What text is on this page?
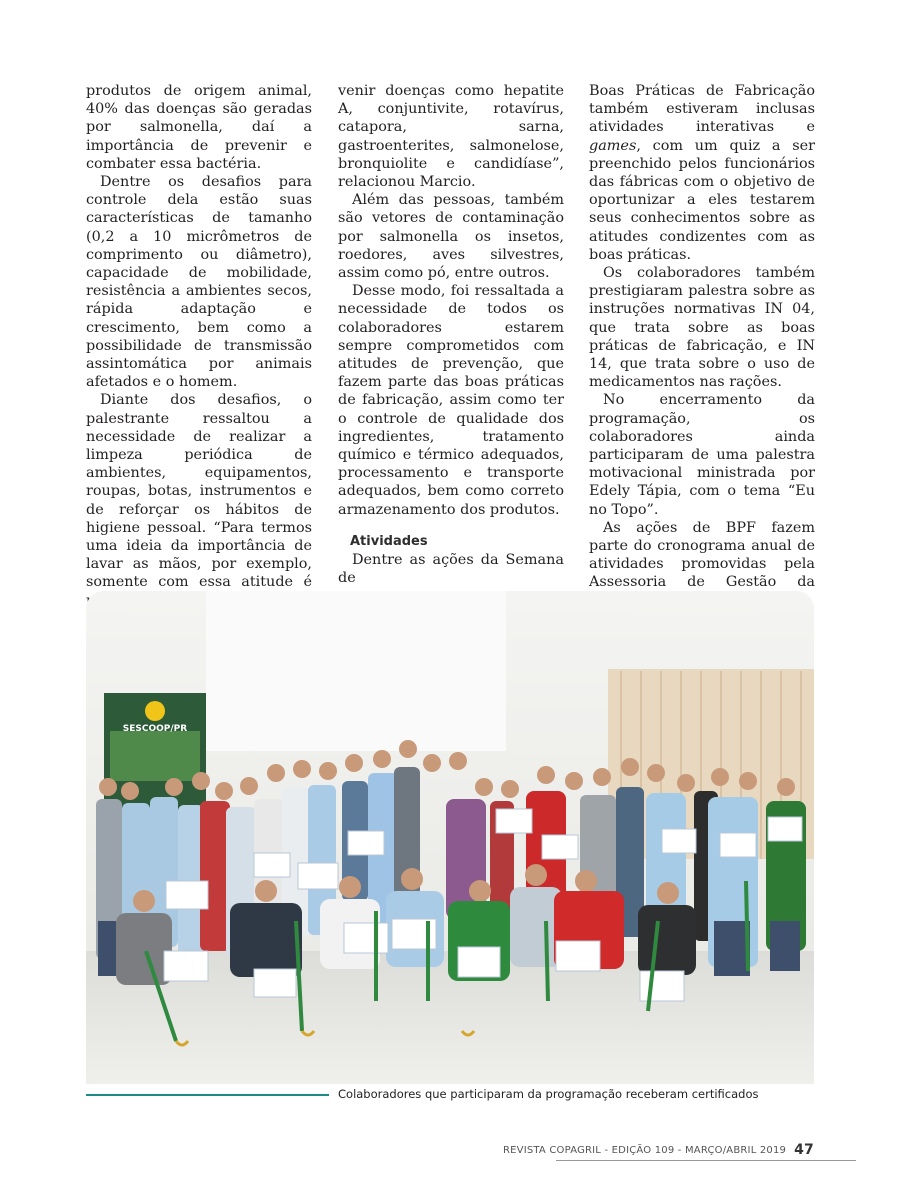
produtos de origem animal, 40% das doenças são geradas por salmonella, daí a importância de prevenir e combater essa bactéria.

Dentre os desafios para controle dela estão suas características de tamanho (0,2 a 10 micrômetros de comprimento ou diâmetro), capacidade de mobilidade, resistência a ambientes secos, rápida adaptação e crescimento, bem como a possibilidade de transmissão assintomática por animais afetados e o homem.

Diante dos desafios, o palestrante ressaltou a necessidade de realizar a limpeza periódica de ambientes, equipamentos, roupas, botas, instrumentos e de reforçar os hábitos de higiene pessoal. “Para termos uma ideia da importância de lavar as mãos, por exemplo, somente com essa atitude é

venir doenças como hepatite A, conjuntivite, rotavírus, catapora, sarna, gastroenterites, salmonelose, bronquiolite e candidíase”, relacionou Marcio.

Além das pessoas, também são vetores de contaminação por salmonella os insetos, roedores, aves silvestres, assim como pó, entre outros.

Desse modo, foi ressaltada a necessidade de todos os colaboradores estarem sempre comprometidos com atitudes de prevenção, que fazem parte das boas práticas de fabricação, assim como ter o controle de qualidade dos ingredientes, tratamento químico e térmico adequados, processamento e transporte adequados, bem como correto armazenamento dos produtos.

Atividades

Dentre as ações da Semana de

Boas Práticas de Fabricação também estiveram inclusas atividades interativas e games, com um quiz a ser preenchido pelos funcionários das fábricas com o objetivo de oportunizar a eles testarem seus conhecimentos sobre as atitudes condizentes com as boas práticas.

Os colaboradores também prestigiaram palestra sobre as instruções normativas IN 04, que trata sobre as boas práticas de fabricação, e IN 14, que trata sobre o uso de medicamentos nas rações.

No encerramento da programação, os colaboradores ainda participaram de uma palestra motivacional ministrada por Edely Tápia, com o tema “Eu no Topo”.

As ações de BPF fazem parte do cronograma anual de atividades promovidas pela Assessoria de Gestão da

SESCOOP/PR
Colaboradores que participaram da programação receberam certificados
REVISTA COPAGRIL - EDIÇÃO 109 - MARÇO/ABRIL 2019 47
